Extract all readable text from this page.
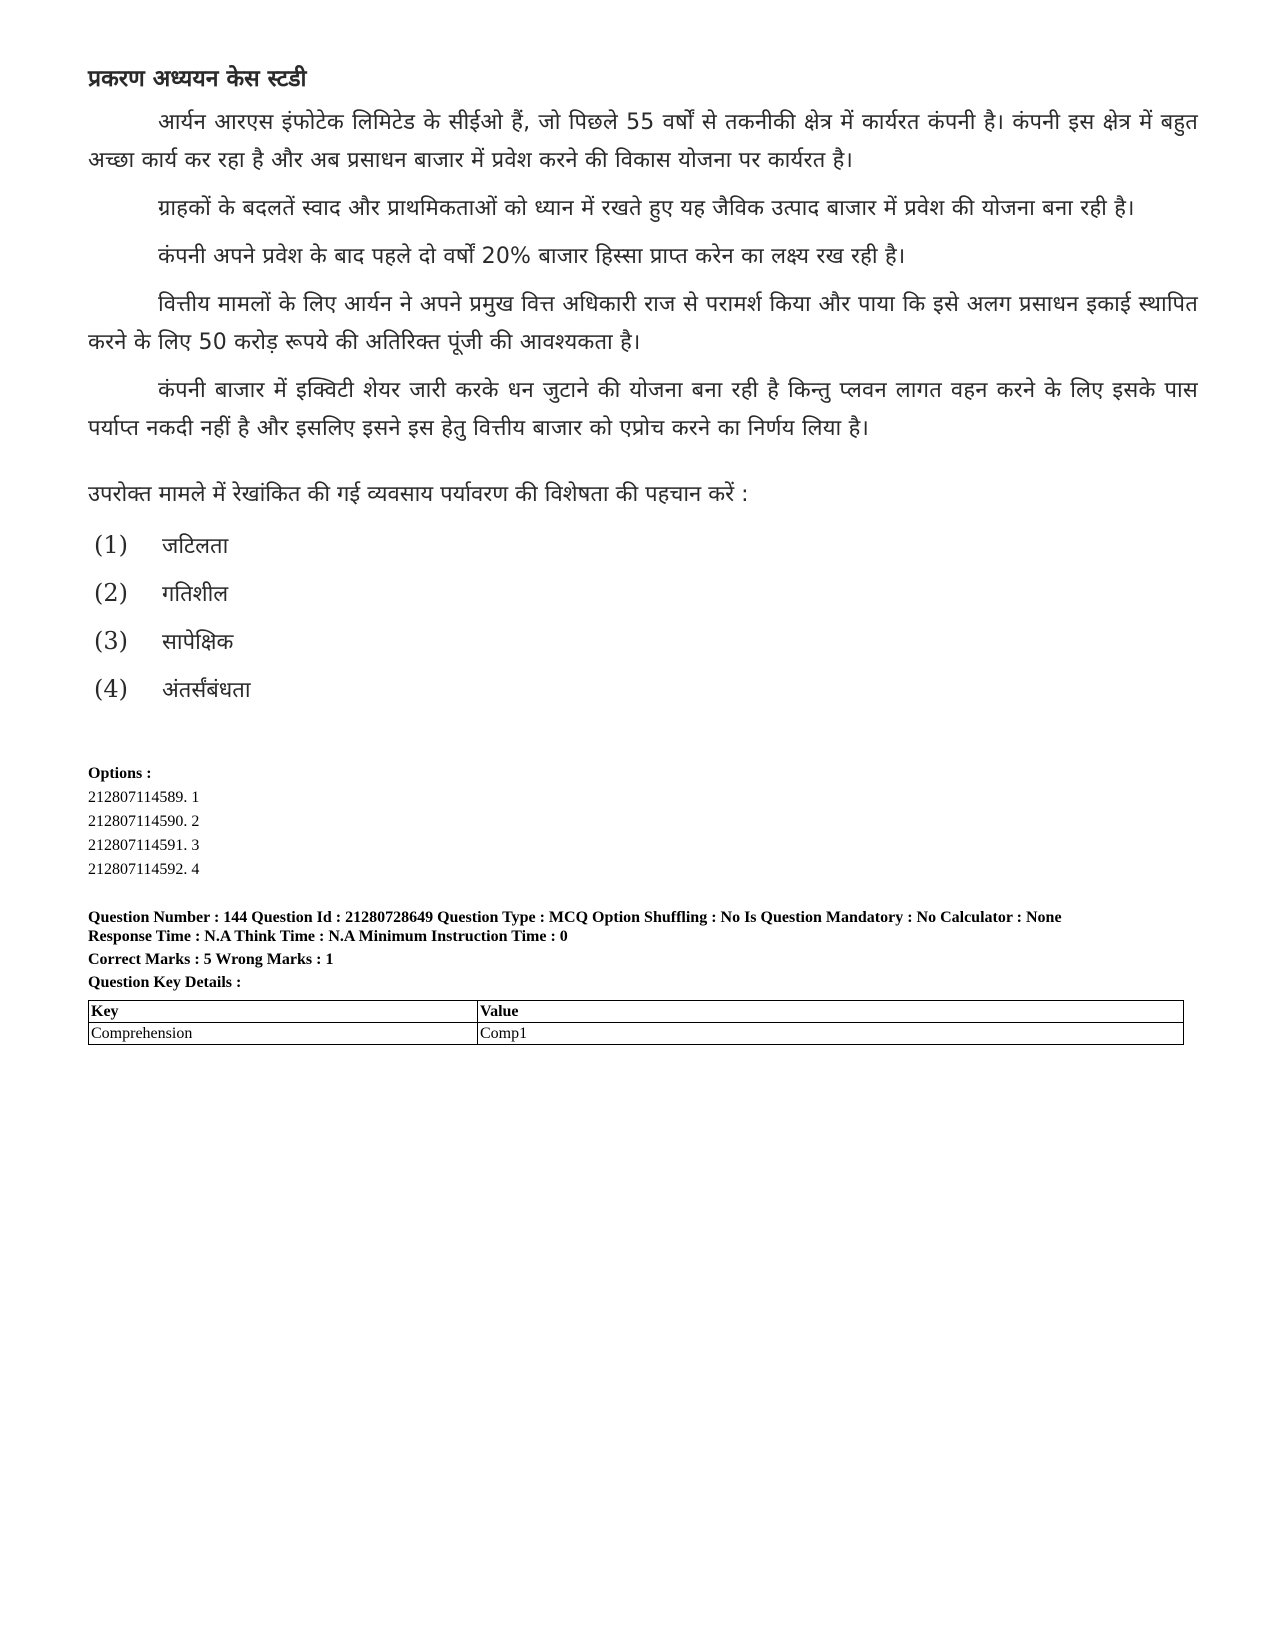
प्रकरण अध्ययन केस स्टडी

आर्यन आरएस इंफोटेक लिमिटेड के सीईओ हैं, जो पिछले 55 वर्षों से तकनीकी क्षेत्र में कार्यरत कंपनी है। कंपनी इस क्षेत्र में बहुत अच्छा कार्य कर रहा है और अब प्रसाधन बाजार में प्रवेश करने की विकास योजना पर कार्यरत है।

ग्राहकों के बदलतें स्वाद और प्राथमिकताओं को ध्यान में रखते हुए यह जैविक उत्पाद बाजार में प्रवेश की योजना बना रही है।

कंपनी अपने प्रवेश के बाद पहले दो वर्षों 20% बाजार हिस्सा प्राप्त करेन का लक्ष्य रख रही है।

वित्तीय मामलों के लिए आर्यन ने अपने प्रमुख वित्त अधिकारी राज से परामर्श किया और पाया कि इसे अलग प्रसाधन इकाई स्थापित करने के लिए 50 करोड़ रूपये की अतिरिक्त पूंजी की आवश्यकता है।

कंपनी बाजार में इक्विटी शेयर जारी करके धन जुटाने की योजना बना रही है किन्तु प्लवन लागत वहन करने के लिए इसके पास पर्याप्त नकदी नहीं है और इसलिए इसने इस हेतु वित्तीय बाजार को एप्रोच करने का निर्णय लिया है।

उपरोक्त मामले में रेखांकित की गई व्यवसाय पर्यावरण की विशेषता की पहचान करें :
(1)	जटिलता
(2)	गतिशील
(3)	सापेक्षिक
(4)	अंतर्संबंधता
Options :
212807114589. 1
212807114590. 2
212807114591. 3
212807114592. 4
Question Number : 144 Question Id : 21280728649 Question Type : MCQ Option Shuffling : No Is Question Mandatory : No Calculator : None
Response Time : N.A Think Time : N.A Minimum Instruction Time : 0
Correct Marks : 5 Wrong Marks : 1
Question Key Details :
Key	Value
Comprehension	Comp1
